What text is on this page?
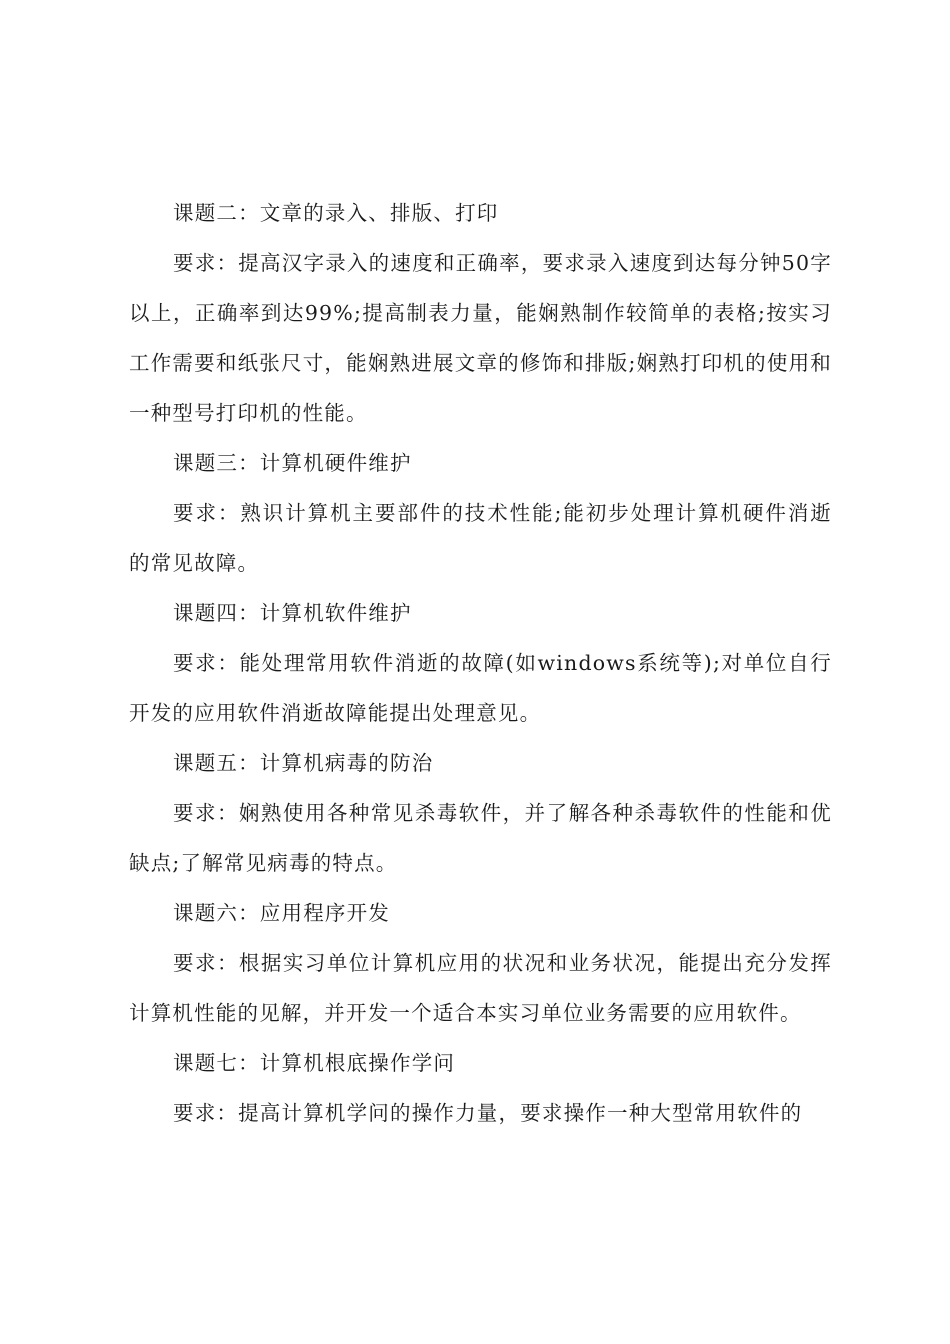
课题二：文章的录入、排版、打印

要求：提高汉字录入的速度和正确率，要求录入速度到达每分钟50字以上，正确率到达99%;提高制表力量，能娴熟制作较简单的表格;按实习工作需要和纸张尺寸，能娴熟进展文章的修饰和排版;娴熟打印机的使用和一种型号打印机的性能。

课题三：计算机硬件维护

要求：熟识计算机主要部件的技术性能;能初步处理计算机硬件消逝的常见故障。

课题四：计算机软件维护

要求：能处理常用软件消逝的故障(如windows系统等);对单位自行开发的应用软件消逝故障能提出处理意见。

课题五：计算机病毒的防治

要求：娴熟使用各种常见杀毒软件，并了解各种杀毒软件的性能和优缺点;了解常见病毒的特点。

课题六：应用程序开发

要求：根据实习单位计算机应用的状况和业务状况，能提出充分发挥计算机性能的见解，并开发一个适合本实习单位业务需要的应用软件。

课题七：计算机根底操作学问

要求：提高计算机学问的操作力量，要求操作一种大型常用软件的
